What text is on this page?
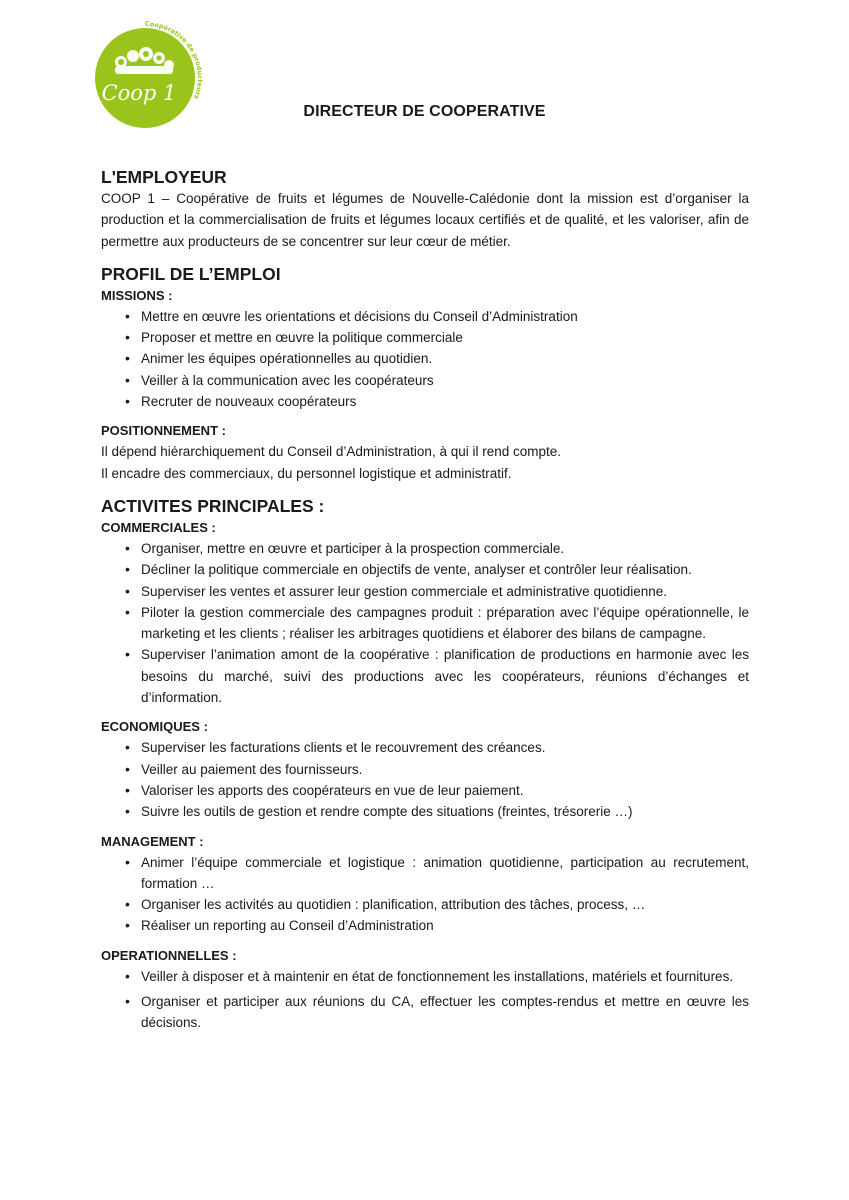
Coop 1
Coopérative de producteurs
DIRECTEUR DE COOPERATIVE
L'EMPLOYEUR

COOP 1 – Coopérative de fruits et légumes de Nouvelle-Calédonie dont la mission est d’organiser la production et la commercialisation de fruits et légumes locaux certifiés et de qualité, et les valoriser, afin de permettre aux producteurs de se concentrer sur leur cœur de métier.

PROFIL DE L’EMPLOI
MISSIONS :
• Mettre en œuvre les orientations et décisions du Conseil d’Administration
• Proposer et mettre en œuvre la politique commerciale
• Animer les équipes opérationnelles au quotidien.
• Veiller à la communication avec les coopérateurs
• Recruter de nouveaux coopérateurs
POSITIONNEMENT :

Il dépend hiérarchiquement du Conseil d’Administration, à qui il rend compte.

Il encadre des commerciaux, du personnel logistique et administratif.

ACTIVITES PRINCIPALES :
COMMERCIALES :
• Organiser, mettre en œuvre et participer à la prospection commerciale.
• Décliner la politique commerciale en objectifs de vente, analyser et contrôler leur réalisation.
• Superviser les ventes et assurer leur gestion commerciale et administrative quotidienne.
• Piloter la gestion commerciale des campagnes produit : préparation avec l’équipe opérationnelle, le marketing et les clients ; réaliser les arbitrages quotidiens et élaborer des bilans de campagne.
• Superviser l’animation amont de la coopérative : planification de productions en harmonie avec les besoins du marché, suivi des productions avec les coopérateurs, réunions d’échanges et d’information.
ECONOMIQUES :
• Superviser les facturations clients et le recouvrement des créances.
• Veiller au paiement des fournisseurs.
• Valoriser les apports des coopérateurs en vue de leur paiement.
• Suivre les outils de gestion et rendre compte des situations (freintes, trésorerie …)
MANAGEMENT :
• Animer l’équipe commerciale et logistique : animation quotidienne, participation au recrutement, formation …
• Organiser les activités au quotidien : planification, attribution des tâches, process, …
• Réaliser un reporting au Conseil d’Administration
OPERATIONNELLES :
• Veiller à disposer et à maintenir en état de fonctionnement les installations, matériels et fournitures.
• Organiser et participer aux réunions du CA, effectuer les comptes-rendus et mettre en œuvre les décisions.
